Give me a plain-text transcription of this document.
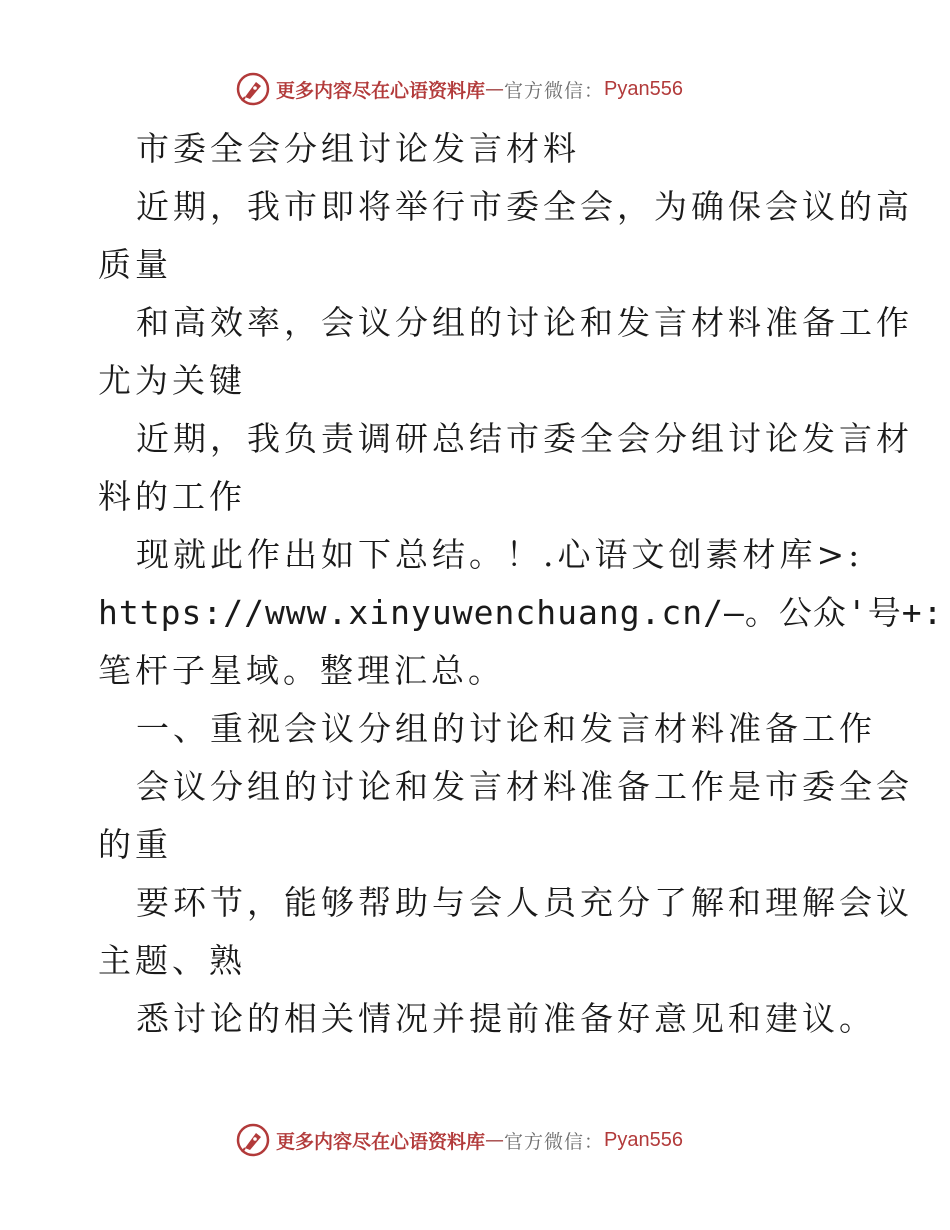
更多内容尽在心语资料库 — 官方微信： Pyan556
市委全会分组讨论发言材料
近期，我市即将举行市委全会，为确保会议的高
质量
和高效率，会议分组的讨论和发言材料准备工作
尤为关键
近期，我负责调研总结市委全会分组讨论发言材
料的工作
现就此作出如下总结。！.心语文创素材库>:
https://www.xinyuwenchuang.cn/—。公众'号+:
笔杆子星域。整理汇总。
一、重视会议分组的讨论和发言材料准备工作
会议分组的讨论和发言材料准备工作是市委全会
的重
要环节，能够帮助与会人员充分了解和理解会议
主题、熟
悉讨论的相关情况并提前准备好意见和建议。
更多内容尽在心语资料库 — 官方微信： Pyan556
